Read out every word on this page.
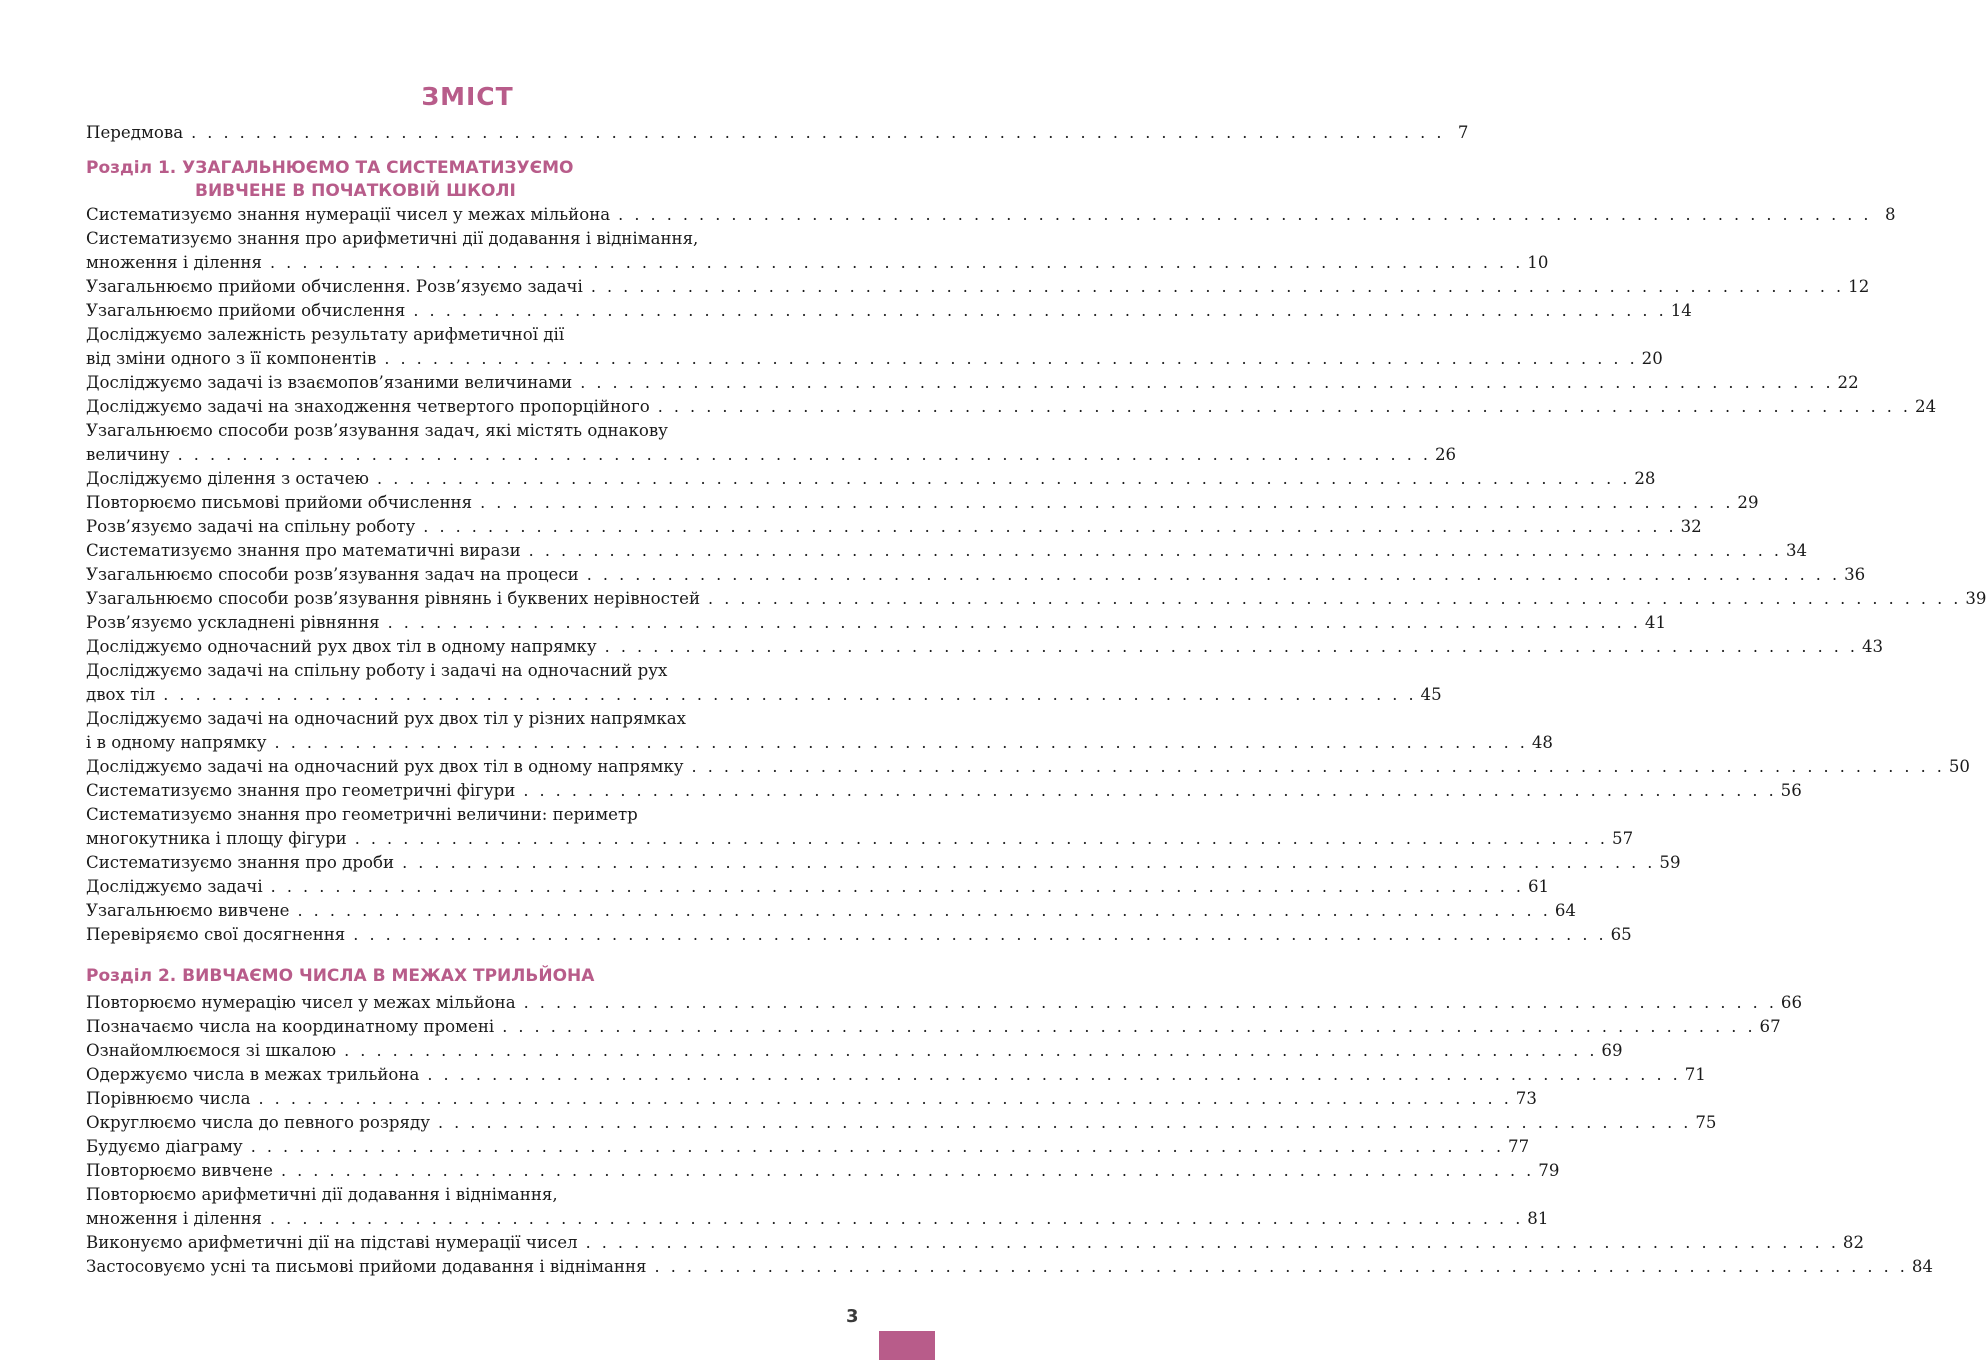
ЗМІСТ
Передмова . . . . . . . . . . . . . . . . . . . . . . . . . . . . . . . . . . . . . . . . . . . . . . . . . . . . . . . . . . . . . . . . . . . . . . . . . . . . . . 7
Розділ 1. УЗАГАЛЬНЮЄМО ТА СИСТЕМАТИЗУЄМО
ВИВЧЕНЕ В ПОЧАТКОВІЙ ШКОЛІ
Систематизуємо знання нумерації чисел у межах мільйона . . . . . . . . . . . . . . . . . . . . . . . . . . . . . . . . . . . . . . . . . . . . . . . . . . . . . . . . . . . . . . . . . . . . . . . . . . . . . . 8
Систематизуємо знання про арифметичні дії додавання і віднімання,
множення і ділення . . . . . . . . . . . . . . . . . . . . . . . . . . . . . . . . . . . . . . . . . . . . . . . . . . . . . . . . . . . . . . . . . . . . . . . . . . . . . . 10
Узагальнюємо прийоми обчислення. Розв’язуємо задачі . . . . . . . . . . . . . . . . . . . . . . . . . . . . . . . . . . . . . . . . . . . . . . . . . . . . . . . . . . . . . . . . . . . . . . . . . . . . . . 12
Узагальнюємо прийоми обчислення . . . . . . . . . . . . . . . . . . . . . . . . . . . . . . . . . . . . . . . . . . . . . . . . . . . . . . . . . . . . . . . . . . . . . . . . . . . . . . 14
Досліджуємо залежність результату арифметичної дії
від зміни одного з її компонентів . . . . . . . . . . . . . . . . . . . . . . . . . . . . . . . . . . . . . . . . . . . . . . . . . . . . . . . . . . . . . . . . . . . . . . . . . . . . . . 20
Досліджуємо задачі із взаємопов’язаними величинами . . . . . . . . . . . . . . . . . . . . . . . . . . . . . . . . . . . . . . . . . . . . . . . . . . . . . . . . . . . . . . . . . . . . . . . . . . . . . . 22
Досліджуємо задачі на знаходження четвертого пропорційного . . . . . . . . . . . . . . . . . . . . . . . . . . . . . . . . . . . . . . . . . . . . . . . . . . . . . . . . . . . . . . . . . . . . . . . . . . . . . . 24
Узагальнюємо способи розв’язування задач, які містять однакову
величину . . . . . . . . . . . . . . . . . . . . . . . . . . . . . . . . . . . . . . . . . . . . . . . . . . . . . . . . . . . . . . . . . . . . . . . . . . . . . . 26
Досліджуємо ділення з остачею . . . . . . . . . . . . . . . . . . . . . . . . . . . . . . . . . . . . . . . . . . . . . . . . . . . . . . . . . . . . . . . . . . . . . . . . . . . . . . 28
Повторюємо письмові прийоми обчислення . . . . . . . . . . . . . . . . . . . . . . . . . . . . . . . . . . . . . . . . . . . . . . . . . . . . . . . . . . . . . . . . . . . . . . . . . . . . . . 29
Розв’язуємо задачі на спільну роботу . . . . . . . . . . . . . . . . . . . . . . . . . . . . . . . . . . . . . . . . . . . . . . . . . . . . . . . . . . . . . . . . . . . . . . . . . . . . . . 32
Систематизуємо знання про математичні вирази . . . . . . . . . . . . . . . . . . . . . . . . . . . . . . . . . . . . . . . . . . . . . . . . . . . . . . . . . . . . . . . . . . . . . . . . . . . . . . 34
Узагальнюємо способи розв’язування задач на процеси . . . . . . . . . . . . . . . . . . . . . . . . . . . . . . . . . . . . . . . . . . . . . . . . . . . . . . . . . . . . . . . . . . . . . . . . . . . . . . 36
Узагальнюємо способи розв’язування рівнянь і буквених нерівностей . . . . . . . . . . . . . . . . . . . . . . . . . . . . . . . . . . . . . . . . . . . . . . . . . . . . . . . . . . . . . . . . . . . . . . . . . . . . . . 39
Розв’язуємо ускладнені рівняння . . . . . . . . . . . . . . . . . . . . . . . . . . . . . . . . . . . . . . . . . . . . . . . . . . . . . . . . . . . . . . . . . . . . . . . . . . . . . . 41
Досліджуємо одночасний рух двох тіл в одному напрямку . . . . . . . . . . . . . . . . . . . . . . . . . . . . . . . . . . . . . . . . . . . . . . . . . . . . . . . . . . . . . . . . . . . . . . . . . . . . . . 43
Досліджуємо задачі на спільну роботу і задачі на одночасний рух
двох тіл . . . . . . . . . . . . . . . . . . . . . . . . . . . . . . . . . . . . . . . . . . . . . . . . . . . . . . . . . . . . . . . . . . . . . . . . . . . . . . 45
Досліджуємо задачі на одночасний рух двох тіл у різних напрямках
і в одному напрямку . . . . . . . . . . . . . . . . . . . . . . . . . . . . . . . . . . . . . . . . . . . . . . . . . . . . . . . . . . . . . . . . . . . . . . . . . . . . . . 48
Досліджуємо задачі на одночасний рух двох тіл в одному напрямку . . . . . . . . . . . . . . . . . . . . . . . . . . . . . . . . . . . . . . . . . . . . . . . . . . . . . . . . . . . . . . . . . . . . . . . . . . . . . . 50
Систематизуємо знання про геометричні фігури . . . . . . . . . . . . . . . . . . . . . . . . . . . . . . . . . . . . . . . . . . . . . . . . . . . . . . . . . . . . . . . . . . . . . . . . . . . . . . 56
Систематизуємо знання про геометричні величини: периметр
многокутника і площу фігури . . . . . . . . . . . . . . . . . . . . . . . . . . . . . . . . . . . . . . . . . . . . . . . . . . . . . . . . . . . . . . . . . . . . . . . . . . . . . . 57
Систематизуємо знання про дроби . . . . . . . . . . . . . . . . . . . . . . . . . . . . . . . . . . . . . . . . . . . . . . . . . . . . . . . . . . . . . . . . . . . . . . . . . . . . . . 59
Досліджуємо задачі . . . . . . . . . . . . . . . . . . . . . . . . . . . . . . . . . . . . . . . . . . . . . . . . . . . . . . . . . . . . . . . . . . . . . . . . . . . . . . 61
Узагальнюємо вивчене . . . . . . . . . . . . . . . . . . . . . . . . . . . . . . . . . . . . . . . . . . . . . . . . . . . . . . . . . . . . . . . . . . . . . . . . . . . . . . 64
Перевіряємо свої досягнення . . . . . . . . . . . . . . . . . . . . . . . . . . . . . . . . . . . . . . . . . . . . . . . . . . . . . . . . . . . . . . . . . . . . . . . . . . . . . . 65
Розділ 2. ВИВЧАЄМО ЧИСЛА В МЕЖАХ ТРИЛЬЙОНА
Повторюємо нумерацію чисел у межах мільйона . . . . . . . . . . . . . . . . . . . . . . . . . . . . . . . . . . . . . . . . . . . . . . . . . . . . . . . . . . . . . . . . . . . . . . . . . . . . . . 66
Позначаємо числа на координатному промені . . . . . . . . . . . . . . . . . . . . . . . . . . . . . . . . . . . . . . . . . . . . . . . . . . . . . . . . . . . . . . . . . . . . . . . . . . . . . . 67
Ознайомлюємося зі шкалою . . . . . . . . . . . . . . . . . . . . . . . . . . . . . . . . . . . . . . . . . . . . . . . . . . . . . . . . . . . . . . . . . . . . . . . . . . . . . . 69
Одержуємо числа в межах трильйона . . . . . . . . . . . . . . . . . . . . . . . . . . . . . . . . . . . . . . . . . . . . . . . . . . . . . . . . . . . . . . . . . . . . . . . . . . . . . . 71
Порівнюємо числа . . . . . . . . . . . . . . . . . . . . . . . . . . . . . . . . . . . . . . . . . . . . . . . . . . . . . . . . . . . . . . . . . . . . . . . . . . . . . . 73
Округлюємо числа до певного розряду . . . . . . . . . . . . . . . . . . . . . . . . . . . . . . . . . . . . . . . . . . . . . . . . . . . . . . . . . . . . . . . . . . . . . . . . . . . . . . 75
Будуємо діаграму . . . . . . . . . . . . . . . . . . . . . . . . . . . . . . . . . . . . . . . . . . . . . . . . . . . . . . . . . . . . . . . . . . . . . . . . . . . . . . 77
Повторюємо вивчене . . . . . . . . . . . . . . . . . . . . . . . . . . . . . . . . . . . . . . . . . . . . . . . . . . . . . . . . . . . . . . . . . . . . . . . . . . . . . . 79
Повторюємо арифметичні дії додавання і віднімання,
множення і ділення . . . . . . . . . . . . . . . . . . . . . . . . . . . . . . . . . . . . . . . . . . . . . . . . . . . . . . . . . . . . . . . . . . . . . . . . . . . . . . 81
Виконуємо арифметичні дії на підставі нумерації чисел . . . . . . . . . . . . . . . . . . . . . . . . . . . . . . . . . . . . . . . . . . . . . . . . . . . . . . . . . . . . . . . . . . . . . . . . . . . . . . 82
Застосовуємо усні та письмові прийоми додавання і віднімання . . . . . . . . . . . . . . . . . . . . . . . . . . . . . . . . . . . . . . . . . . . . . . . . . . . . . . . . . . . . . . . . . . . . . . . . . . . . . . 84
3
